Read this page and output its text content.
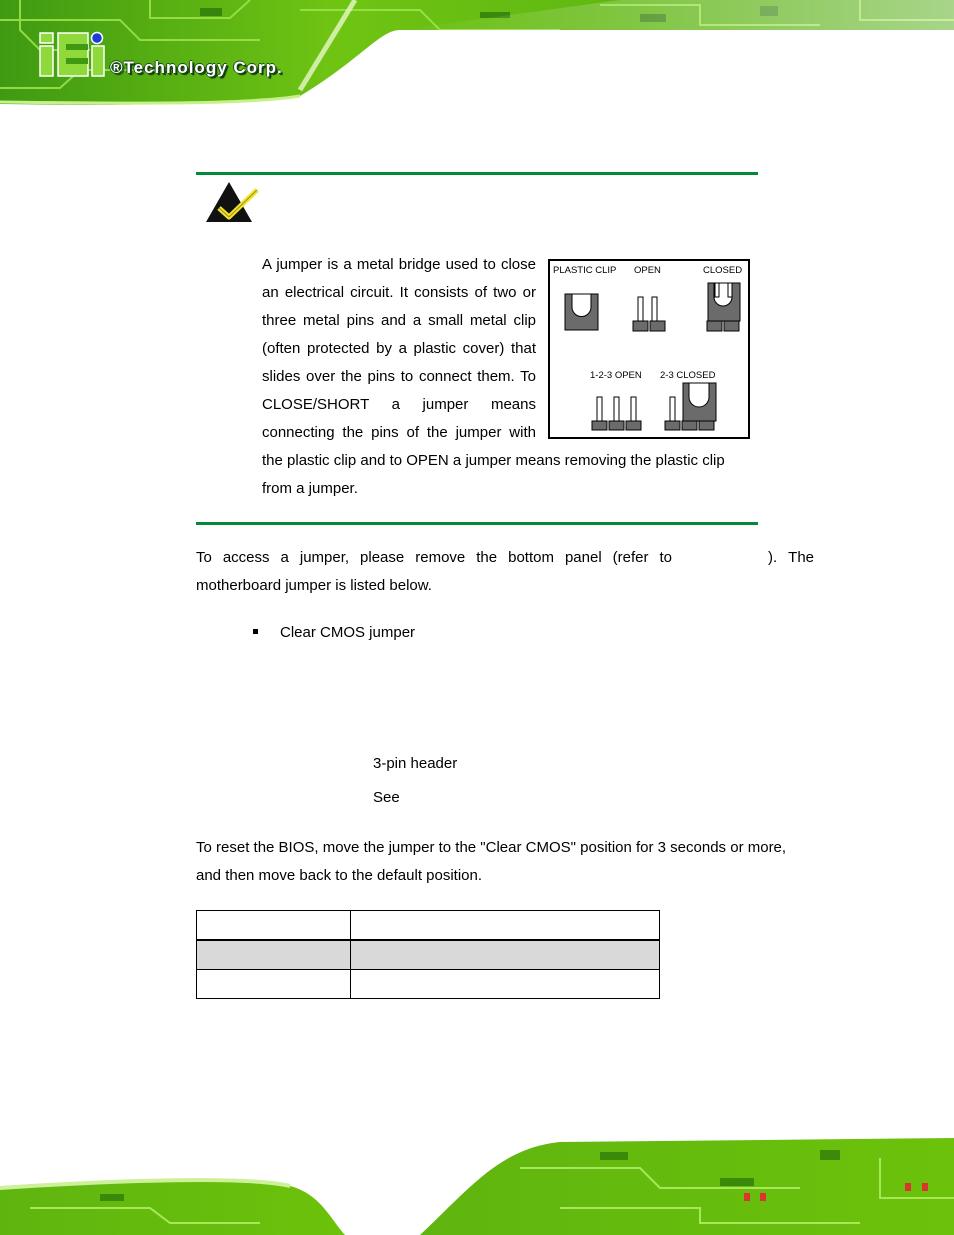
®Technology Corp.
A jumper is a metal bridge used to close
an electrical circuit. It consists of two or
three metal pins and a small metal clip
(often protected by a plastic cover) that
slides over the pins to connect them. To
CLOSE/SHORT a jumper means
connecting the pins of the jumper with
the plastic clip and to OPEN a jumper means removing the plastic clip
from a jumper.
PLASTIC CLIP OPEN	CLOSED
1-2-3 OPEN 2-3 CLOSED
To access a jumper, please remove the bottom panel (refer to	). The
motherboard jumper is listed below.
Clear CMOS jumper
3-pin header
See
To reset the BIOS, move the jumper to the "Clear CMOS" position for 3 seconds or more,
and then move back to the default position.
